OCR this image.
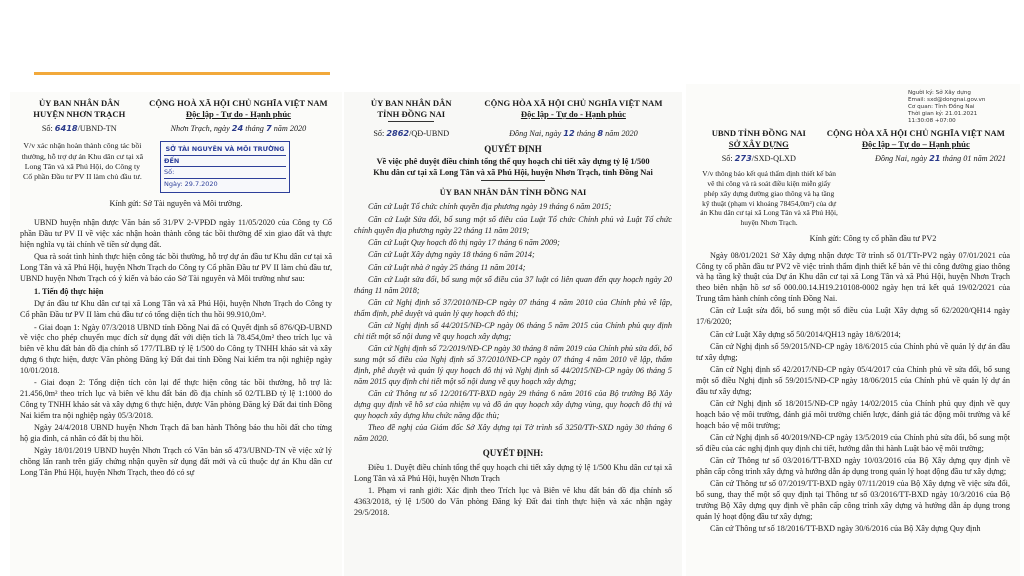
ỦY BAN NHÂN DÂN
HUYỆN NHƠN TRẠCH
CỘNG HOÀ XÃ HỘI CHỦ NGHĨA VIỆT NAM
Độc lập - Tự do - Hạnh phúc
Số: 6418/UBND-TN	Nhơn Trạch, ngày 24 tháng 7 năm 2020
V/v xác nhận hoàn thành công tác bồi thường, hỗ trợ dự án Khu dân cư tại xã Long Tân và xã Phú Hội, do Công ty Cổ phần Đầu tư PV II làm chủ đầu tư.
SỞ TÀI NGUYÊN VÀ MÔI TRƯỜNG
ĐẾN
Số:
Ngày: 29.7.2020
Kính gửi: Sở Tài nguyên và Môi trường.

UBND huyện nhận được Văn bản số 31/PV 2-VPĐD ngày 11/05/2020 của Công ty Cổ phần Đầu tư PV II về việc xác nhận hoàn thành công tác bồi thường để xin giao đất và thực hiện nghĩa vụ tài chính về tiền sử dụng đất.

Qua rà soát tình hình thực hiện công tác bồi thường, hỗ trợ dự án đầu tư Khu dân cư tại xã Long Tân và xã Phú Hội, huyện Nhơn Trạch do Công ty Cổ phần Đầu tư PV II làm chủ đầu tư, UBND huyện Nhơn Trạch có ý kiến và báo cáo Sở Tài nguyên và Môi trường như sau:

1. Tiến độ thực hiện

Dự án đầu tư Khu dân cư tại xã Long Tân và xã Phú Hội, huyện Nhơn Trạch do Công ty Cổ phần Đầu tư PV II làm chủ đầu tư có tổng diện tích thu hồi 99.910,0m².

- Giai đoạn 1: Ngày 07/3/2018 UBND tỉnh Đồng Nai đã có Quyết định số 876/QĐ-UBND về việc cho phép chuyển mục đích sử dụng đất với diện tích là 78.454,0m² theo trích lục và biên vẽ khu đất bản đồ địa chính số 177/TLBĐ tỷ lệ 1/500 do Công ty TNHH khảo sát và xây dựng 6 thực hiện, được Văn phòng Đăng ký Đất đai tỉnh Đồng Nai kiểm tra nội nghiệp ngày 10/01/2018.

- Giai đoạn 2: Tổng diện tích còn lại để thực hiện công tác bồi thường, hỗ trợ là: 21.456,0m² theo trích lục và biên vẽ khu đất bản đồ địa chính số 02/TLBĐ tỷ lệ 1:1000 do Công ty TNHH khảo sát và xây dựng 6 thực hiện, được Văn phòng Đăng ký Đất đai tỉnh Đồng Nai kiểm tra nội nghiệp ngày 05/3/2018.

Ngày 24/4/2018 UBND huyện Nhơn Trạch đã ban hành Thông báo thu hồi đất cho từng hộ gia đình, cá nhân có đất bị thu hồi.

Ngày 18/01/2019 UBND huyện Nhơn Trạch có Văn bản số 473/UBND-TN về việc xử lý chồng lấn ranh trên giấy chứng nhận quyền sử dụng đất mới và cũ thuộc dự án Khu dân cư Long Tân Phú Hội, huyện Nhơn Trạch, theo đó có sự

ỦY BAN NHÂN DÂN
TỈNH ĐỒNG NAI
CỘNG HÒA XÃ HỘI CHỦ NGHĨA VIỆT NAM
Độc lập - Tự do - Hạnh phúc
Số: 2862/QĐ-UBND	Đồng Nai, ngày 12 tháng 8 năm 2020
QUYẾT ĐỊNH
Về việc phê duyệt điều chỉnh tổng thể quy hoạch chi tiết xây dựng tỷ lệ 1/500 Khu dân cư tại xã Long Tân và xã Phú Hội, huyện Nhơn Trạch, tỉnh Đồng Nai
ỦY BAN NHÂN DÂN TỈNH ĐỒNG NAI

Căn cứ Luật Tổ chức chính quyền địa phương ngày 19 tháng 6 năm 2015;

Căn cứ Luật Sửa đổi, bổ sung một số điều của Luật Tổ chức Chính phủ và Luật Tổ chức chính quyền địa phương ngày 22 tháng 11 năm 2019;

Căn cứ Luật Quy hoạch đô thị ngày 17 tháng 6 năm 2009;

Căn cứ Luật Xây dựng ngày 18 tháng 6 năm 2014;

Căn cứ Luật nhà ở ngày 25 tháng 11 năm 2014;

Căn cứ Luật sửa đổi, bổ sung một số điều của 37 luật có liên quan đến quy hoạch ngày 20 tháng 11 năm 2018;

Căn cứ Nghị định số 37/2010/NĐ-CP ngày 07 tháng 4 năm 2010 của Chính phủ về lập, thẩm định, phê duyệt và quản lý quy hoạch đô thị;

Căn cứ Nghị định số 44/2015/NĐ-CP ngày 06 tháng 5 năm 2015 của Chính phủ quy định chi tiết một số nội dung về quy hoạch xây dựng;

Căn cứ Nghị định số 72/2019/NĐ-CP ngày 30 tháng 8 năm 2019 của Chính phủ sửa đổi, bổ sung một số điều của Nghị định số 37/2010/NĐ-CP ngày 07 tháng 4 năm 2010 về lập, thẩm định, phê duyệt và quản lý quy hoạch đô thị và Nghị định số 44/2015/NĐ-CP ngày 06 tháng 5 năm 2015 quy định chi tiết một số nội dung về quy hoạch xây dựng;

Căn cứ Thông tư số 12/2016/TT-BXD ngày 29 tháng 6 năm 2016 của Bộ trưởng Bộ Xây dựng quy định về hồ sơ của nhiệm vụ và đồ án quy hoạch xây dựng vùng, quy hoạch đô thị và quy hoạch xây dựng khu chức năng đặc thù;

Theo đề nghị của Giám đốc Sở Xây dựng tại Tờ trình số 3250/TTr-SXD ngày 30 tháng 6 năm 2020.

QUYẾT ĐỊNH:

Điều 1. Duyệt điều chỉnh tổng thể quy hoạch chi tiết xây dựng tỷ lệ 1/500 Khu dân cư tại xã Long Tân và xã Phú Hội, huyện Nhơn Trạch

1. Phạm vi ranh giới: Xác định theo Trích lục và Biên vẽ khu đất bản đồ địa chính số 4363/2018, tỷ lệ 1/500 do Văn phòng Đăng ký Đất đai tỉnh thực hiện và xác nhận ngày 29/5/2018.

Người ký: Sở Xây dựng
Email: sxd@dongnai.gov.vn
Cơ quan: Tỉnh Đồng Nai
Thời gian ký: 21.01.2021 11:30:08 +07:00
UBND TỈNH ĐỒNG NAI
SỞ XÂY DỰNG
CỘNG HÒA XÃ HỘI CHỦ NGHĨA VIỆT NAM
Độc lập – Tự do – Hạnh phúc
Số: 273/SXD-QLXD	Đồng Nai, ngày 21 tháng 01 năm 2021
V/v thông báo kết quả thẩm định thiết kế bản vẽ thi công và rà soát điều kiện miễn giấy phép xây dựng đường giao thông và hạ tầng kỹ thuật (phạm vi khoảng 78454,0m²) của dự án Khu dân cư tại xã Long Tân và xã Phú Hội, huyện Nhơn Trạch.
Kính gửi: Công ty cổ phần đầu tư PV2

Ngày 08/01/2021 Sở Xây dựng nhận được Tờ trình số 01/TTr-PV2 ngày 07/01/2021 của Công ty cổ phần đầu tư PV2 về việc trình thẩm định thiết kế bản vẽ thi công đường giao thông và hạ tầng kỹ thuật của Dự án Khu dân cư tại xã Long Tân và xã Phú Hội, huyện Nhơn Trạch theo biên nhận hồ sơ số 000.00.14.H19.210108-0002 ngày hẹn trả kết quả 19/02/2021 của Trung tâm hành chính công tỉnh Đồng Nai.

Căn cứ Luật sửa đổi, bổ sung một số điều của Luật Xây dựng số 62/2020/QH14 ngày 17/6/2020;

Căn cứ Luật Xây dựng số 50/2014/QH13 ngày 18/6/2014;

Căn cứ Nghị định số 59/2015/NĐ-CP ngày 18/6/2015 của Chính phủ về quản lý dự án đầu tư xây dựng;

Căn cứ Nghị định số 42/2017/NĐ-CP ngày 05/4/2017 của Chính phủ về sửa đổi, bổ sung một số điều Nghị định số 59/2015/NĐ-CP ngày 18/06/2015 của Chính phủ về quản lý dự án đầu tư xây dựng;

Căn cứ Nghị định số 18/2015/NĐ-CP ngày 14/02/2015 của Chính phủ quy định về quy hoạch bảo vệ môi trường, đánh giá môi trường chiến lược, đánh giá tác động môi trường và kế hoạch bảo vệ môi trường;

Căn cứ Nghị định số 40/2019/NĐ-CP ngày 13/5/2019 của Chính phủ sửa đổi, bổ sung một số điều của các nghị định quy định chi tiết, hướng dẫn thi hành Luật bảo vệ môi trường;

Căn cứ Thông tư số 03/2016/TT-BXD ngày 10/03/2016 của Bộ Xây dựng quy định về phân cấp công trình xây dựng và hướng dẫn áp dụng trong quản lý hoạt động đầu tư xây dựng;

Căn cứ Thông tư số 07/2019/TT-BXD ngày 07/11/2019 của Bộ Xây dựng về việc sửa đổi, bổ sung, thay thế một số quy định tại Thông tư số 03/2016/TT-BXD ngày 10/3/2016 của Bộ trưởng Bộ Xây dựng quy định về phân cấp công trình xây dựng và hướng dẫn áp dụng trong quản lý hoạt động đầu tư xây dựng;

Căn cứ Thông tư số 18/2016/TT-BXD ngày 30/6/2016 của Bộ Xây dựng Quy định
